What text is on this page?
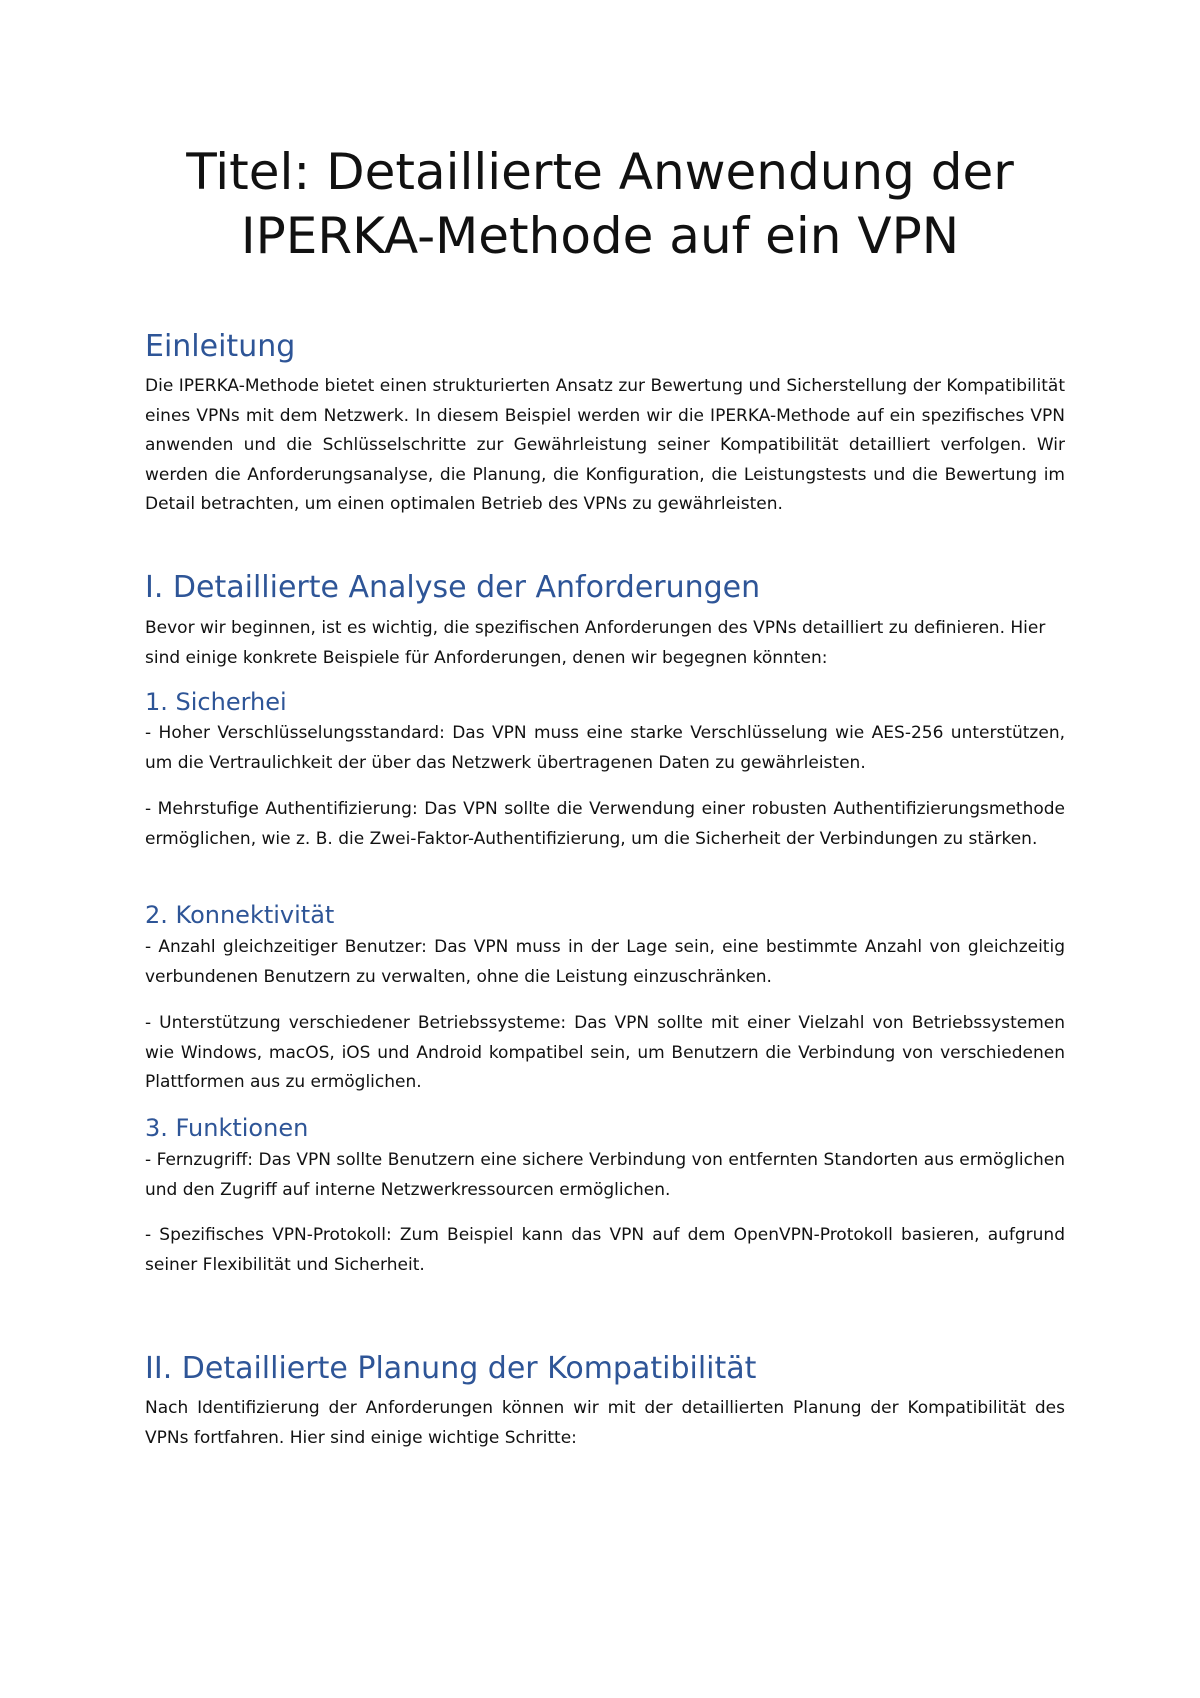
Titel: Detaillierte Anwendung der
IPERKA-Methode auf ein VPN
Einleitung

Die IPERKA-Methode bietet einen strukturierten Ansatz zur Bewertung und Sicherstellung der Kompatibilität eines VPNs mit dem Netzwerk. In diesem Beispiel werden wir die IPERKA-Methode auf ein spezifisches VPN anwenden und die Schlüsselschritte zur Gewährleistung seiner Kompatibilität detailliert verfolgen. Wir werden die Anforderungsanalyse, die Planung, die Konfiguration, die Leistungstests und die Bewertung im Detail betrachten, um einen optimalen Betrieb des VPNs zu gewährleisten.

I. Detaillierte Analyse der Anforderungen

Bevor wir beginnen, ist es wichtig, die spezifischen Anforderungen des VPNs detailliert zu definieren. Hier sind einige konkrete Beispiele für Anforderungen, denen wir begegnen könnten:

1. Sicherhei

- Hoher Verschlüsselungsstandard: Das VPN muss eine starke Verschlüsselung wie AES-256 unterstützen, um die Vertraulichkeit der über das Netzwerk übertragenen Daten zu gewährleisten.

- Mehrstufige Authentifizierung: Das VPN sollte die Verwendung einer robusten Authentifizierungsmethode ermöglichen, wie z. B. die Zwei-Faktor-Authentifizierung, um die Sicherheit der Verbindungen zu stärken.

2. Konnektivität

- Anzahl gleichzeitiger Benutzer: Das VPN muss in der Lage sein, eine bestimmte Anzahl von gleichzeitig verbundenen Benutzern zu verwalten, ohne die Leistung einzuschränken.

- Unterstützung verschiedener Betriebssysteme: Das VPN sollte mit einer Vielzahl von Betriebssystemen wie Windows, macOS, iOS und Android kompatibel sein, um Benutzern die Verbindung von verschiedenen Plattformen aus zu ermöglichen.

3. Funktionen

- Fernzugriff: Das VPN sollte Benutzern eine sichere Verbindung von entfernten Standorten aus ermöglichen und den Zugriff auf interne Netzwerkressourcen ermöglichen.

- Spezifisches VPN-Protokoll: Zum Beispiel kann das VPN auf dem OpenVPN-Protokoll basieren, aufgrund seiner Flexibilität und Sicherheit.

II. Detaillierte Planung der Kompatibilität

Nach Identifizierung der Anforderungen können wir mit der detaillierten Planung der Kompatibilität des VPNs fortfahren. Hier sind einige wichtige Schritte:
